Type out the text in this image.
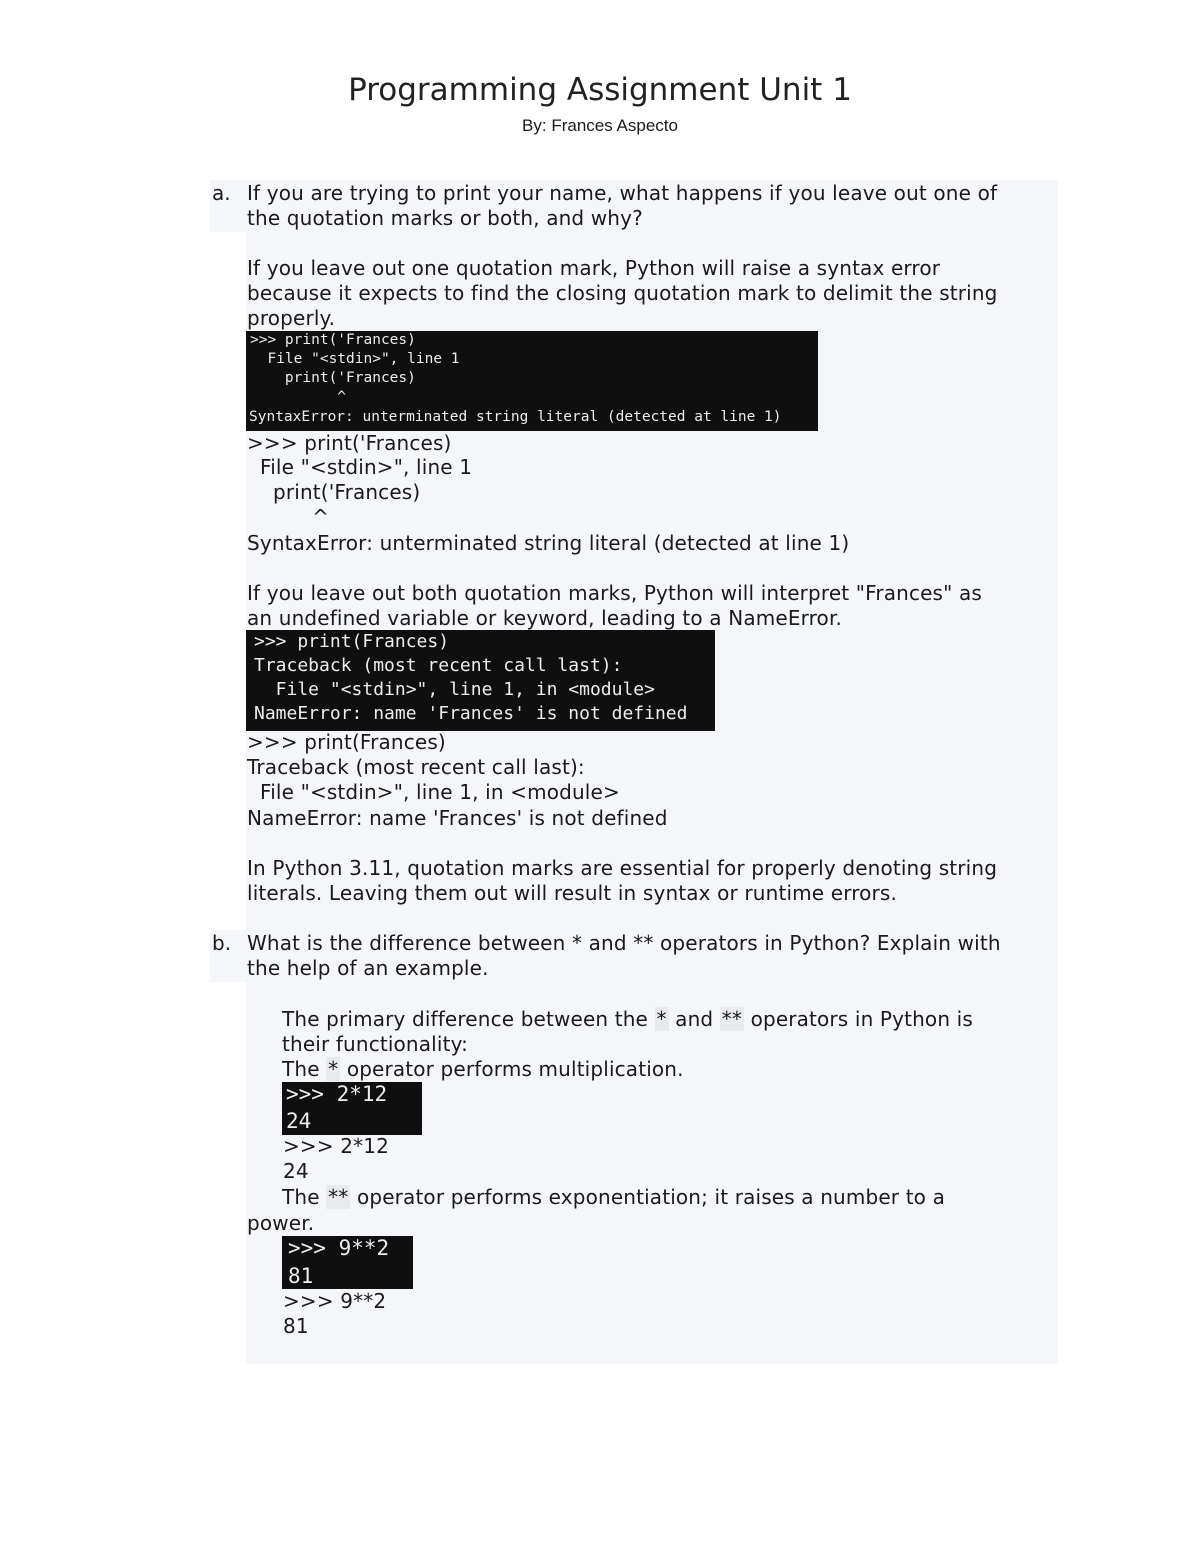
Programming Assignment Unit 1
By: Frances Aspecto
a. If you are trying to print your name, what happens if you leave out one of
the quotation marks or both, and why?
If you leave out one quotation mark, Python will raise a syntax error
because it expects to find the closing quotation mark to delimit the string
properly.

>>> print('Frances)

File "<stdin>", line 1

print('Frances)

^

SyntaxError: unterminated string literal (detected at line 1)

>>> print('Frances)
File "<stdin>", line 1
print('Frances)
^
SyntaxError: unterminated string literal (detected at line 1)
If you leave out both quotation marks, Python will interpret "Frances" as
an undefined variable or keyword, leading to a NameError.

>>> print(Frances)

Traceback (most recent call last):

File "<stdin>", line 1, in <module>

NameError: name 'Frances' is not defined

>>> print(Frances)
Traceback (most recent call last):
File "<stdin>", line 1, in <module>
NameError: name 'Frances' is not defined
In Python 3.11, quotation marks are essential for properly denoting string
literals. Leaving them out will result in syntax or runtime errors.
b. What is the difference between * and ** operators in Python? Explain with
the help of an example.
The primary difference between the * and ** operators in Python is
their functionality:
The * operator performs multiplication.

>>> 2*12

24

>>> 2*12
24
The ** operator performs exponentiation; it raises a number to a
power.

>>> 9**2

81

>>> 9**2
81
